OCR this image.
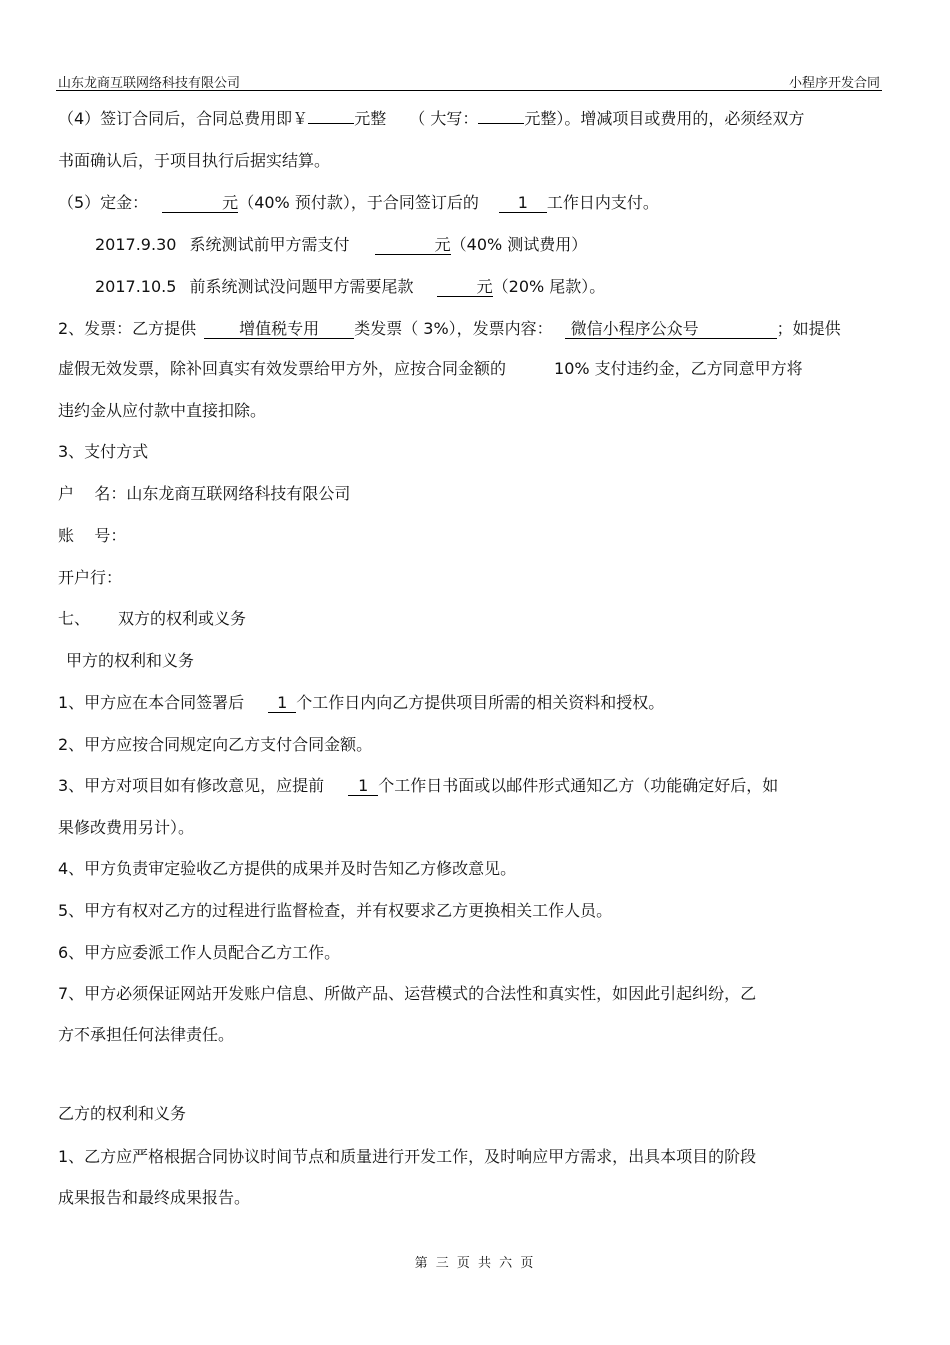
山东龙商互联网络科技有限公司	小程序开发合同
（4）签订合同后，合同总费用即￥	元整 （ 大写：	元整）。增减项目或费用的，必须经双方
书面确认后，于项目执行后据实结算。
（5）定金：	元（40% 预付款），于合同签订后的 1 工作日内支付。
2017.9.30 系统测试前甲方需支付	元（40% 测试费用）
2017.10.5 前系统测试没问题甲方需要尾款	元（20% 尾款）。
2、发票：乙方提供	增值税专用 类发票（ 3%），发票内容： 微信小程序公众号	；如提供
虚假无效发票，除补回真实有效发票给甲方外，应按合同金额的	10% 支付违约金，乙方同意甲方将
违约金从应付款中直接扣除。
3、支付方式
户    名：山东龙商互联网络科技有限公司
账    号：
开户行：
七、 双方的权利或义务
甲方的权利和义务
1、甲方应在本合同签署后 1 个工作日内向乙方提供项目所需的相关资料和授权。
2、甲方应按合同规定向乙方支付合同金额。
3、甲方对项目如有修改意见，应提前 1 个工作日书面或以邮件形式通知乙方（功能确定好后，如
果修改费用另计）。
4、甲方负责审定验收乙方提供的成果并及时告知乙方修改意见。
5、甲方有权对乙方的过程进行监督检查，并有权要求乙方更换相关工作人员。
6、甲方应委派工作人员配合乙方工作。
7、甲方必须保证网站开发账户信息、所做产品、运营模式的合法性和真实性，如因此引起纠纷，乙
方不承担任何法律责任。
乙方的权利和义务
1、乙方应严格根据合同协议时间节点和质量进行开发工作，及时响应甲方需求，出具本项目的阶段
成果报告和最终成果报告。
第 三 页 共 六 页
